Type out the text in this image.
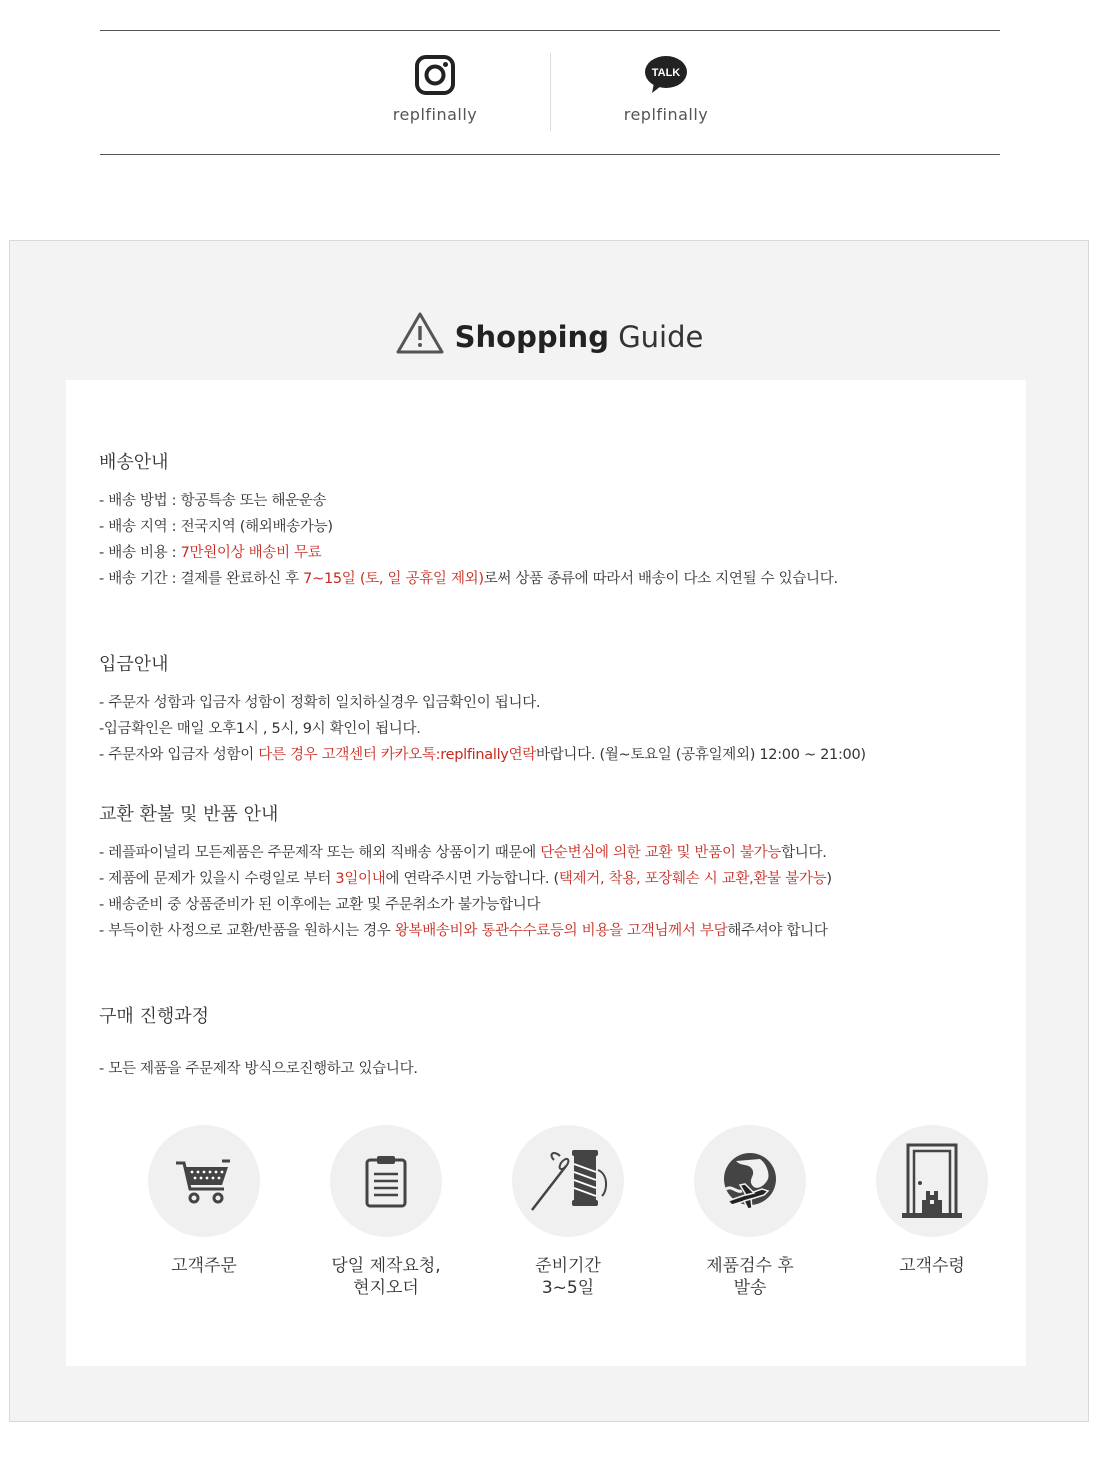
replfinally
TALK
replfinally
Shopping Guide
배송안내
- 배송 방법 : 항공특송 또는 해운운송
- 배송 지역 : 전국지역 (해외배송가능)
- 배송 비용 : 7만원이상 배송비 무료
- 배송 기간 : 결제를 완료하신 후 7~15일 (토, 일 공휴일 제외)로써 상품 종류에 따라서 배송이 다소 지연될 수 있습니다.
입금안내
- 주문자 성함과 입금자 성함이 정확히 일치하실경우 입금확인이 됩니다.
-입금확인은 매일 오후1시 , 5시, 9시 확인이 됩니다.
- 주문자와 입금자 성함이 다른 경우 고객센터 카카오톡:replfinally연락바랍니다. (월~토요일 (공휴일제외) 12:00 ~ 21:00)
교환 환불 및 반품 안내
- 레플파이널리 모든제품은 주문제작 또는 해외 직배송 상품이기 때문에 단순변심에 의한 교환 및 반품이 불가능합니다.
- 제품에 문제가 있을시 수령일로 부터 3일이내에 연락주시면 가능합니다. (택제거, 착용, 포장훼손 시 교환,환불 불가능)
- 배송준비 중 상품준비가 된 이후에는 교환 및 주문취소가 불가능합니다
- 부득이한 사정으로 교환/반품을 원하시는 경우 왕복배송비와 통관수수료등의 비용을 고객님께서 부담해주셔야 합니다
구매 진행과정
- 모든 제품을 주문제작 방식으로진행하고 있습니다.
고객주문	당일 제작요청,
현지오더
준비기간
3~5일
제품검수 후
발송
고객수령
